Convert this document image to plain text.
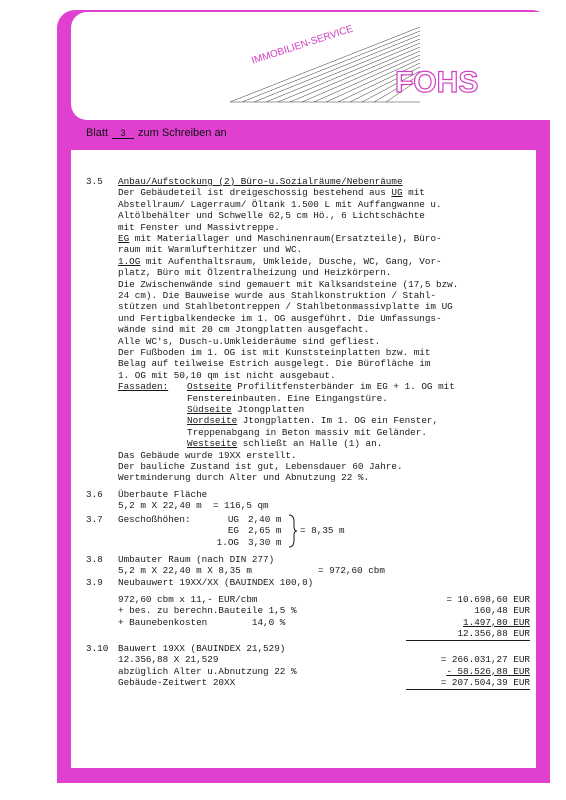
FOHS
IMMOBILIEN-SERVICE
Blatt 3 zum Schreiben an
3.5 Anbau/Aufstockung (2) Büro-u.Sozialräume/Nebenräume
Der Gebäudeteil ist dreigeschossig bestehend aus UG mit
Abstellraum/ Lagerraum/ Öltank 1.500 L mit Auffangwanne u.
Altölbehälter und Schwelle 62,5 cm Hö., 6 Lichtschächte
mit Fenster und Massivtreppe.
EG mit Materiallager und Maschinenraum(Ersatzteile), Büro-
raum mit Warmlufterhitzer und WC.
1.OG mit Aufenthaltsraum, Umkleide, Dusche, WC, Gang, Vor-
platz, Büro mit Ölzentralheizung und Heizkörpern.
Die Zwischenwände sind gemauert mit Kalksandsteine (17,5 bzw.
24 cm). Die Bauweise wurde aus Stahlkonstruktion / Stahl-
stützen und Stahlbetontreppen / Stahlbetonmassivplatte im UG
und Fertigbalkendecke im 1. OG ausgeführt. Die Umfassungs-
wände sind mit 20 cm Jtongplatten ausgefacht.
Alle WC's, Dusch-u.Umkleideräume sind gefliest.
Der Fußboden im 1. OG ist mit Kunststeinplatten bzw. mit
Belag auf teilweise Estrich ausgelegt. Die Bürofläche im
1. OG mit 50,10 qm ist nicht ausgebaut.
Fassaden: Ostseite Profilitfensterbänder im EG + 1. OG mit
Fenstereinbauten. Eine Eingangstüre.
Südseite Jtongplatten
Nordseite Jtongplatten. Im 1. OG ein Fenster,
Treppenabgang in Beton massiv mit Geländer.
Westseite schließt an Halle (1) an.
Das Gebäude wurde 19XX erstellt.
Der bauliche Zustand ist gut, Lebensdauer 60 Jahre.
Wertminderung durch Alter und Abnutzung 22 %.
3.6 Überbaute Fläche
5,2 m X 22,40 m  = 116,5 qm
3.7 Geschoßhöhen:	UG 2,40 m
EG 2,65 m
1.OG 3,30 m
= 8,35 m
3.8 Umbauter Raum (nach DIN 277)
5,2 m X 22,40 m X 8,35 m	= 972,60 cbm
3.9 Neubauwert 19XX/XX (BAUINDEX 100,0)
972,60 cbm x 11,- EUR/cbm	= 10.698,60 EUR
+ bes. zu berechn.Bauteile 1,5 %	160,48 EUR
+ Baunebenkosten        14,0 %	1.497,80 EUR
12.356,88 EUR
3.10 Bauwert 19XX (BAUINDEX 21,529)
12.356,88 X 21,529	= 266.031,27 EUR
abzüglich Alter u.Abnutzung 22 %	- 58.526,88 EUR
Gebäude-Zeitwert 20XX	= 207.504,39 EUR
